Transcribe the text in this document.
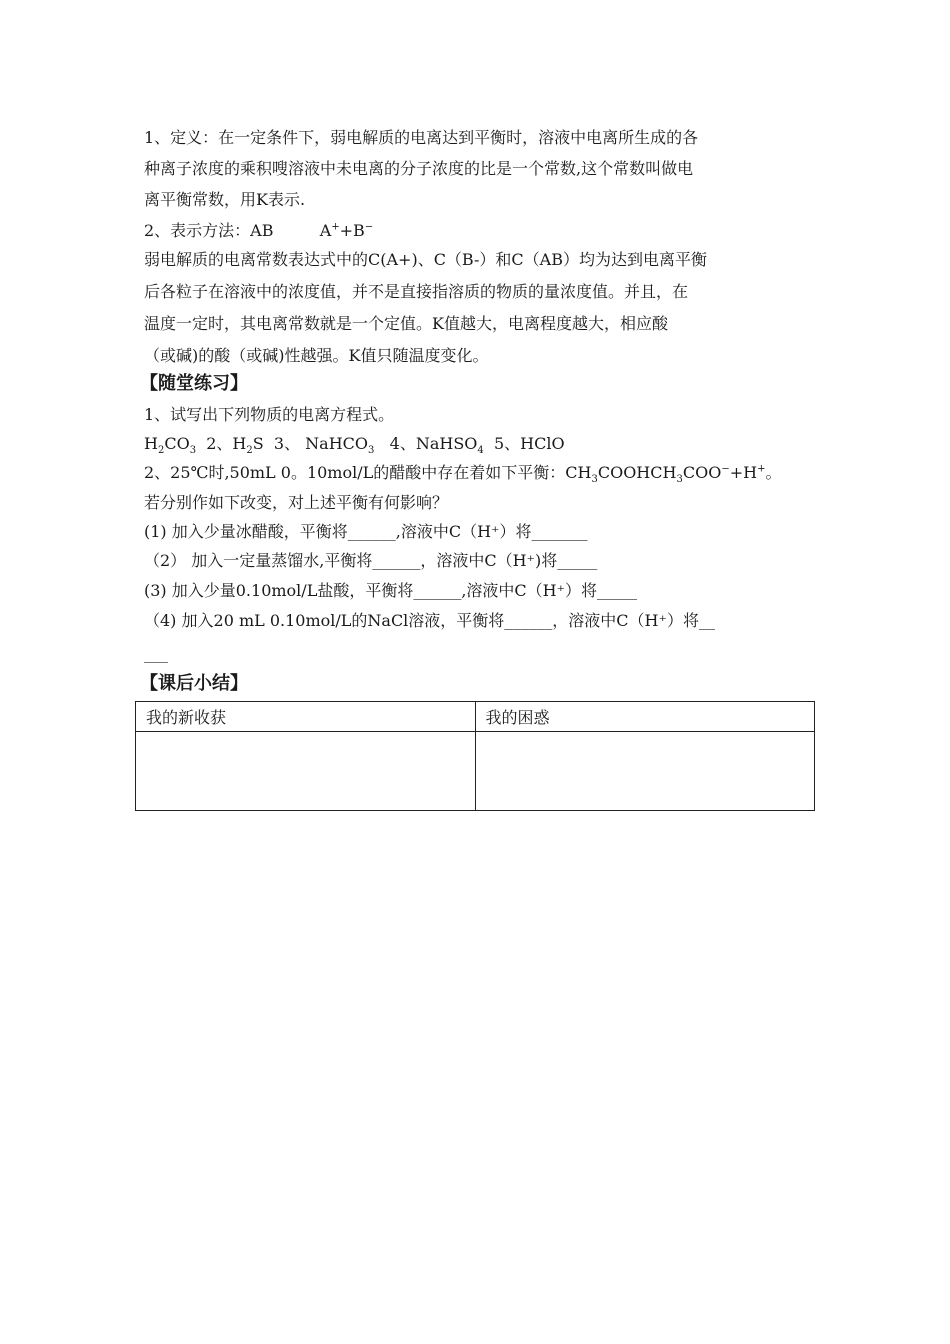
1、定义：在一定条件下，弱电解质的电离达到平衡时，溶液中电离所生成的各
种离子浓度的乘积嗖溶液中未电离的分子浓度的比是一个常数,这个常数叫做电
离平衡常数，用K表示.
2、表示方法：AB	A++B−
弱电解质的电离常数表达式中的C(A+)、C（B-）和C（AB）均为达到电离平衡
后各粒子在溶液中的浓度值，并不是直接指溶质的物质的量浓度值。并且，在
温度一定时，其电离常数就是一个定值。K值越大，电离程度越大，相应酸
（或碱)的酸（或碱)性越强。K值只随温度变化。
【随堂练习】
1、试写出下列物质的电离方程式。
$H_2CO_3$  2、$H_2S$  3、 NaHCO$_3$   4、NaHSO$_4$  5、HClO
2、25℃时,50mL 0。10mol/L的醋酸中存在着如下平衡：$CH_3COOHCH_3COO^-+H^+$。
若分别作如下改变，对上述平衡有何影响？
(1) 加入少量冰醋酸，平衡将______,溶液中C（H⁺）将_______
（2） 加入一定量蒸馏水,平衡将______，溶液中C（H⁺)将_____
(3) 加入少量0.10mol/L盐酸，平衡将______,溶液中C（H⁺）将_____
（4) 加入20 mL 0.10mol/L的NaCl溶液，平衡将______，溶液中C（H⁺）将__
___
【课后小结】
我的新收获	我的困惑
